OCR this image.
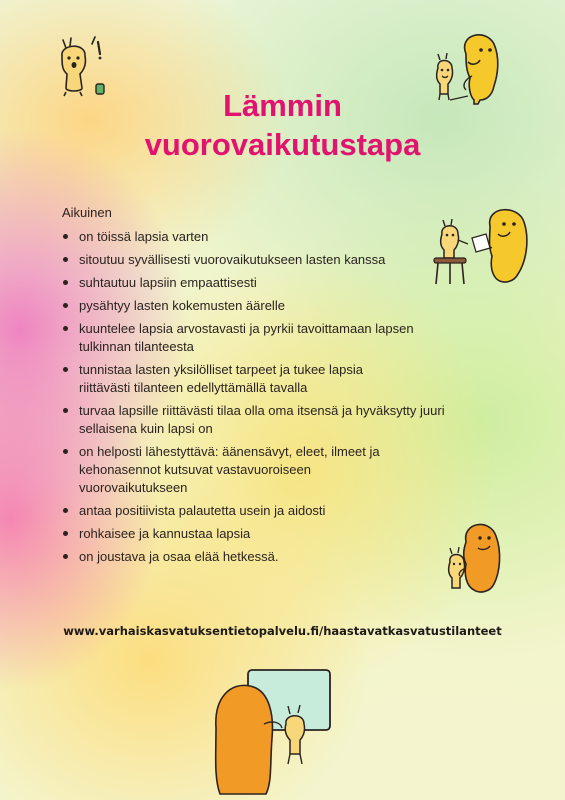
Lämmin
vuorovaikutustapa

Aikuinen

on töissä lapsia varten
sitoutuu syvällisesti vuorovaikutukseen lasten kanssa
suhtautuu lapsiin empaattisesti
pysähtyy lasten kokemusten äärelle
kuuntelee lapsia arvostavasti ja pyrkii tavoittamaan lapsen tulkinnan tilanteesta
tunnistaa lasten yksilölliset tarpeet ja tukee lapsia riittävästi tilanteen edellyttämällä tavalla
turvaa lapsille riittävästi tilaa olla oma itsensä ja hyväksytty juuri sellaisena kuin lapsi on
on helposti lähestyttävä: äänensävyt, eleet, ilmeet ja kehonasennot kutsuvat vastavuoroiseen vuorovaikutukseen
antaa positiivista palautetta usein ja aidosti
rohkaisee ja kannustaa lapsia
on joustava ja osaa elää hetkessä.
www.varhaiskasvatuksentietopalvelu.fi/haastavatkasvatustilanteet
